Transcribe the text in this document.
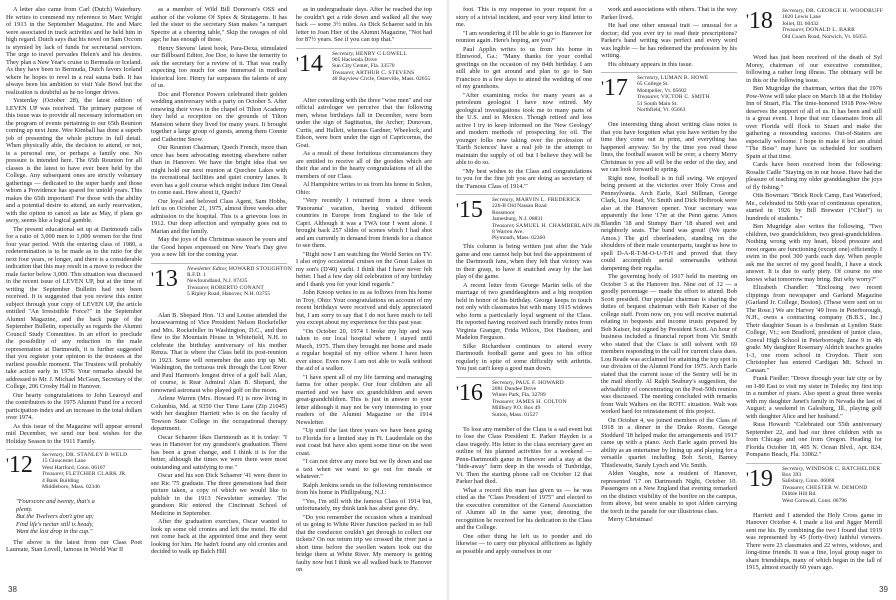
A letter also came from Carl (Dutch) Waterbury. He writes to commend my reference to Marc Wright of 1913 in the September Magazine. He and Marc were associated in track activities and he held him in high regard. Dutch says that his novel on Sam Occom is stymied by lack of funds for secretarial services. The urge to travel pervades Helen's and his desires. They plan a New Year's cruise to Bermuda or Iceland. As they have been to Bermuda, Dutch favors Iceland where he hopes to revel in a real sauna bath. It has always been his ambition to visit Yale Bowl but the realization is doubtful as he no longer drives.

Yesterday (October 28), the latest edition of LEVEN UP was received. The primary purpose of this issue was to provide all necessary information on the program of events pertaining to our 65th Reunion coming up next June. Wee Kimball has done a superb job of presenting the whole picture in full detail. When physically able, the decision to attend, or not, is a personal one, or perhaps a family one. No pressure is intended here. The 65th Reunion for all classes is the latest to have ever been held by the College. Any subsequent ones are strictly voluntary gatherings — dedicated to the super hardy and those whom a Providence has spared for untold years. This makes the 65th important! For those with the ability and a potential desire to attend, an early reservation, with the option to cancel as late as May, if plans go awry, seems like a logical gamble.

The present educational set up at Dartmouth calls for a ratio of 3,000 men to 1,000 women for the first four year period. With the entering class of 1980, a redetermination is to be made as to the ratio for the next four years, or longer, and there is a considerable indication that this may result in a move to reduce the male factor below 3,000. This situation was discussed in the recent issue of LEVEN UP, but at the time of writing the September Bulletin had not been received. It is suggested that you review this entire subject through your copy of LEVEN UP, the article entitled "An Irresistible Force?" in the September Alumni Magazine, and the back page of the September Bulletin, especially as regards the Alumni Council Study Committee. In an effort to preclude the possibility of any reduction in the male representation at Dartmouth, it is further suggested that you register your opinion to the trustees at the earliest possible moment. The Trustees will probably take action early in 1976. Your remarks should be addressed to Mr. J. Michael McGean, Secretary of the College, 206 Crosby Hall in Hanover.

Our hearty congratulations to John Learoyd and the contributors to the 1975 Alumni Fund for a record participation index and an increase in the total dollars over 1974.

As this issue of the Magazine will appear around mid December, we send our best wishes for the Holiday Season to the 1911 Family.

'12 Secretary, DR. STANLEY B WELD
15 Gloucester Lane
West Hartford, Conn. 06107
Treasurer, FLETCHER CLARK JR.
4 Bank Building
Middleboro, Mass. 02346
"Fourscore and twenty, that's a
plenty.
But the Twelvers don't give up;
Find life's nectar still is heady,
Want the last drop in the cup."

The above is the latest from our Class Poet Laureate, Stan Lovell, famous in World War II

as a member of Wild Bill Donovan's OSS and author of the volume Of Spies & Stratagems. It has led the sister to the secretary Stan makes "a rampart Spectre at a cheering table," Skip the ravages of old age; he has enough of those.

Henry Stevens' latest book, Para-Dexa, stimulated our Billboard Editor, Joe Doe, to have the temerity to ask the secretary for a review of it. That was really expecting too much for one immersed in medical historical lore. Henry far surpasses the talents of any of us.

Doc and Florence Powers celebrated their golden wedding anniversary with a party on October 5. After renewing their vows in the chapel of Tilton Academy they held a reception on the grounds of Tilton Mansion where they lived for many years. It brought together a large group of guests, among them Connie and Catherine Snow.

Our Reunion Chairman, Quech French, more than once has been advocating meeting elsewhere rather than in Hanover. We have the bright idea that we might hold our next reunion at Quechee Lakes with its recreational facilities and quiet country lanes. It even has a golf course which might induce Jim Oneal to come east. How about it, Quech?

Our loyal and beloved Class Agent, Sam Hobbs, left us on October 21, 1975, almost three weeks after admission to the hospital. This is a grievous loss in 1912. Our deep affection and sympathy goes out to Marian and the family.

May the joys of the Christmas season be yours and the Good hopes expressed on New Year's Day give you a new lift for the coming year.

'13 Newsletter Editor, HOWARD STOUGHTON
R.F.D. 1
Newfoundland, N.J. 07435
Treasurer, ROBERTO CONANT
5 Ripley Road, Hanover, N.H. 03755

Alan B. Shepard Hon. '13 and Louise attended the housewarming of Vice President Nelson Rockefeller and Mrs. Rockefeller in Washington, D.C., and then flew to the Mountain House in Whitefield, N.H. to celebrate the birthday anniversary of his mother Renza. That is where the Class held its post-reunion in 1923. Some will remember the auto trip up Mt. Washington, the tortuous trek through the Lost River and Paul Harmon's longest drive of a golf ball. Alan, of course, is Rear Admiral Alan B. Shepard, the renowned astronaut who played golf on the moon.

Arlene Warren (Mrs. Howard P.) is now living in Columbia, Md. at 9350 Our Time Lane (Zip 21045) with her daughter Harriett who is on the faculty of Towson State College in the occupational therapy department.

Oscar Schaerer likes Dartmouth as it is today: "I was in Hanover for my grandson's graduation. There has been a great change, and I think it is for the better, although the times we were there were most outstanding and satisfying to me."

Oscar and his son Dick Schaerer '41 were there to see Ric '75 graduate. The three generations had their picture taken, a copy of which we would like to publish in the 1913 Newsletter someday. The grandson Ric entered the Cincinnati School of Medicine in September.

After the graduation exercises, Oscar wanted to look up some old cronies and left the motel. He did not come back at the appointed time and they went looking for him. He hadn't found any old cronies and decided to walk up Balch Hill

as in undergraduate days. After he reached the top he couldn't get a ride down and walked all the way back — some 3½ miles. As Dick Schaerer said in his letter to Joan Hier of the Alumni Magazine, "Not bad for 87½ years. See if you can top that."

'14 Secretary, HENRY G LOWELL
905 Hacienda Drive
Sun City Center, Fla. 33570
Treasurer, ARTHUR C. STEVENS
48 Bayview Circle, Osterville, Mass. 02655

After consulting with the three "wise men" and our official astrologer we perceive that the following men, whose birthdays fall in December, were born under the sign of Sagittarius, the Archer; Donovan, Curtis, and Hallett, whereas Gardner, Wheelock, and Edson, were born under the sign of Capricornus, the Goat.

As a result of these fortuitous circumstances they are entitled to receive all of the goodies which are their due and to the hearty congratulations of all the members of our Class.

Al Hampshire writes to us from his home in Solon, Ohio:

"Very recently I returned from a three week 'Panorama' vacation, having visited different countries in Europe from England to the Isle of Capri. Although it was a TWA tour I went alone. I brought back 257 slides of scenes which I had shot and am currently in demand from friends for a chance to see them.

"Right now I am watching the World Series on TV. I also enjoy occasional cruises on the Great Lakes in my son's (D'40) yacht. I think that I have never felt better. I had a few day old celebration of my birthday and I thank you for your kind regards."

John Knoop writes to us as follows from his home in Troy, Ohio: Your congratulations on account of my recent birthdays were received and duly appreciated but, I am sorry to say that I do not have much to tell you except about my experience for this past year.

"On October 20, 1974 I broke my hip and was taken to our local hospital where I stayed until March, 1975. Then they brought me home and made a regular hospital of my office where I have been ever since. Even now I am not able to walk without the aid of a walker.

"I have spent all of my life farming and managing farms for other people. Our four children are all married and we have six grandchildren and seven great-grandchildren. This is just in answer to your letter although it may not be very interesting to your readers of the Alumni Magazine or the 1914 Newsletter.

"Up until the last three years we have been going to Florida for a limited stay in Ft. Lauderdale on the east coast but have also spent some time on the west coast.

"I can not drive any more but we fly down and use a taxi when we want to go out for meals or whatever."

Ralph Jenkins sends us the following reminiscence from his home in Phillipsburg, N.J.:

"Yes, I'm still with the famous Class of 1914 but, unfortunately, my think tank has about gone dry.

"Do you remember the occasion when a trainload of us going to White River Junction packed in so full that the conductor couldn't get through to collect our tickets? On our return trip we crossed the river just a short time before the swollen waters took out the bridge there at White River. My memory is getting faulty now but I think we all walked back to Hanover on

38

foot. This is my response to your request for a story of a trivial incident, and your very kind letter to me.

"I am wondering if I'll be able to go to Hanover for reunion again. Here's hoping, are you?"

Paul Applin writes to us from his home in Elmwood, Ga.: "Many thanks for your cordial greetings on the occasion of my 84th birthday. I am still able to get around and plan to go to San Francisco in a few days to attend the wedding of one of my grandsons.

"After examining rocks for many years as a petroleum geologist I have now retired. My geological investigations took me to many parts of the U.S. and to Mexico. Though retired and less active I try to keep informed on the 'New Geology' and modern methods of prospecting for oil. The younger folks now taking over the profession of 'Earth Sciences' have a real job in the attempt to maintain the supply of oil but I believe they will be able to do so.

"My best wishes to the Class and congratulations to you for the fine job you are doing as secretary of the 'Famous Class of 1914.'"

'15 Secretary, MARVIN L. FREDERICK
226-B Old Nassau Road
Rossmoor
Jamesburg, N.J. 08831
Treasurer, SAMUEL H. CHAMBERLAIN JR.
8 Warren Ave.
Plymouth, Mass. 02360

This column is being written just after the Yale game and one cannot help but feel the appointment of the Dartmouth fans, when they felt that victory was in their grasp, to have it snatched away by the last play of the game.

A recent letter from George Martin tells of the marriage of two granddaughters and a big reception held in honor of his birthday. George keeps in touch not only with classmates but with many 1915 widows who form a particularly loyal segment of the Class. He reported having received such friendly notes from Virginia Granger, Frida Wilcox, Dot Haubner, and Madelon Ferguson.

Silke Richardson continues to attend every Dartmouth football game and goes to his office regularly in spite of some difficulty with arthritis. You just can't keep a good man down.

'16 Secretary, PAUL F. HOWARD
2081 Dundee Drive
Winter Park, Fla. 32789
Treasurer, JAMES H. COLTON
Millbury P.O. Box 49
Sutton, Mass. 01527

To lose any member of the Class is a sad event but to lose the Class President E. Parker Hayden is a class tragedy. His letter to the class secretary gave an outline of his planned activities for a weekend — Penn-Dartmouth game in Hanover and a stay at the "hide-away" farm deep in the woods of Tunbridge, Vt. Then the starting phone call on October 12 that Parker had died.

What a record this man has given us — he was cited as the "Class President of 1975" and elected to the executive committee of the General Association of Alumni all in the same year, denoting the recognition he received for his dedication to the Class and the College.

One other thing he left us to ponder and do likewise — to carry our physical afflictions as lightly as possible and apply ourselves in our

work and associations with others. That is the way Parker lived.

He had one other unusual trait — unusual for a doctor; did you ever try to read their prescriptions? Parker's hand writing was perfect and every word was legible — he has redeemed the profession by his writing.

His obituary appears in this issue.

'17 Secretary, LUMAN B. HOWE
65 College St.
Montpelier, Vt. 05602
Treasurer, VICTOR C. SMITH
51 South Main St.
Northfield, Vt. 05663

One interesting thing about writing class notes is that you have forgotten what you have written by the time they come out in print, and everything has happened anyway. So by the time you read these lines, the football season will be over, a cheery Merry Christmas to you all will be the order of the day, and we can look forward to spring.

Right now, football is in full swing. We enjoyed being present at the victories over Holy Cross and Pennsylvania. Arch Earle, Karl Stillman, George Clark, Lou Read, Vic Smith and Dick Holbrook were also at the Hanover opener. Your secretary was apparently the lone '17er at the Penn game. Amos Blandin '18 and Stumpy Barr '18 shared wet and neighborly seats. The band was great! (We quote Amos.) The girl cheerleaders, standing on the shoulders of their male counterparts, taught us how to spell D-A-R-T-M-O-U-T-H and proved that they could accomplish aerial somersaults without dampening their regalia.

The governing body of 1917 held its meeting on October 3 at the Hanover Inn. Nine out of 12 — a goodly percentage — made the effort to attend. Bob Scott presided. Our popular chairman is sharing the duties of bequest chairman with Bob Kaiser of the college staff. From now on, you will receive material relating to bequests and income trusts prepared by Bob Kaiser, but signed by President Scott. An hour of business included a financial report from Vic Smith who stated that the Class is still solvent with 69 members responding to the call for current class dues. Lou Reade was acclaimed for attaining the top spot in our division of the Alumni Fund for 1975. Arch Earle stated that the current issue of the Sentry will be in the mail shortly. Al Ralph Seabury's suggestion, the advisability of concentrating on the Post-50th reunion was discussed. The meeting concluded with remarks from Walt Walters on the ROTC situation. Walt was worked hard for reinstatement of this project.

On October 4, we joined members of the Class of 1918 in a dinner in the Drake Room. George Stoddard '18 helped make the arrangements and 1917 came up with a piano. Arch Earle again proved his ability as an entertainer by lining up and playing for a versatile quartet including Bob Scott, Barney Thistlewaite, Sandy Lynch and Vic Smith.

Alden Vaughn, now a resident of Hanover, represented '17 on Dartmouth Night, October 10. Passengers on a New England that evening remarked on the distinct visibility of the bonfire on the campus, from above, but were unable to spot Alden carrying the torch in the parade for our illustrious class.

Merry Christmas!

'18 Secretary, DR. GEORGE H. WOODRUFF
1820 Lewis Lane
Joliet, Ill. 60432
Treasurer, DONALD L. BARR
Old Coach Road, Norwich, Vt. 05055

Word has just been received of the death of Syl Morey, chairman of our executive committee, following a rather long illness. The obituary will be in this or the following issue.

Ben Mugridge the chairman, writes that the 1976 Pow-Wow will take place on March 18 at the Holiday Inn of Stuart, Fla. The time-honored 1918 Pow-Wow deserves the support of all of us. It has been and still is a great event. I hope that our classmates from all over Florida will flock to Stuart and make the gathering a resounding success. Out-of-Staters are especially welcome. I hope to make it but am afraid "The Boss" may have us scheduled for southern Spain at that time.

Cards have been received from the following: Rosalie Cadle "Staying on in our house. Have had the pleasure of teaching my older granddaughter the joys of fly fishing."

Otis Bowman: "Brick Rock Camp, East Waterford, Me., celebrated its 50th year of continuous operation, started in 1926 by Bill Brewster ("Chief") to hundreds of students."

Ben Mugridge also writes the following, "Two children, two grandchildren, two great-grandchildren. Nothing wrong with my heart, blood pressure and most organs are functioning (except one) efficiently. I swim in the pool 300 yards each day. When people ask me the secret of my good health, I have a stock answer. It is due to early piety. Of course no one knows what tomorrow may bring. But why worry?"

Elizabeth Chandler: "Enclosing two recent clippings from newspaper and Garland Magazine (Garland Jr. College, Boston). (These were sent on to The Rose.) We are Harvey '49 lives in Peterborough, N.H., owns a contracting company (B.B.S., Inc.) Their daughter Susan is a freshman at Lyndon State College, Vt.; son Bradford, president of junior class, Conval High School in Peterborough; Jane 9 in 4th grade. My daughter Rosemary Aldrich teaches grades 1-3, one room school in Croydon. Their son Christopher has entered Cardigan Mt. School in Canaan."

Frank Fiedler: "Drove through your fair city or by on I-80 East to visit my sister in Toledo; my first trip in a number of years. Also spent a great three weeks with my daughter Janet's family in Nevada the last of August; a weekend in Galesburg, Ill., playing golf with daughter Alice and her husband."

Russ Howard: "Celebrated our 55th anniversary September 22, and had our three children with us from Chicago and one from Oregon. Heading for Florida October 18, 405 N. Ocean Blvd., Apt. 824, Pompano Beach, Fla. 33062."

'19 Secretary, WINDSOR C. BATCHELDER
Box 393
Salisbury, Conn. 06068
Treasurer, CHESTER W. DEMOND
Dibble Hill Rd.
West Cornwall, Conn. 06796

Harriett and I attended the Holy Cross game in Hanover October 4. I made a list and Jigger Merrill sent me his. By combining the two I found that 1919 was represented by 45 (forty-five) faithful viewers. There were 23 classmates and 22 wives, widows, and long-time friends. It was a fine, loyal group eager to share friendships, many of which began in the fall of 1915, almost exactly 60 years ago.

39
